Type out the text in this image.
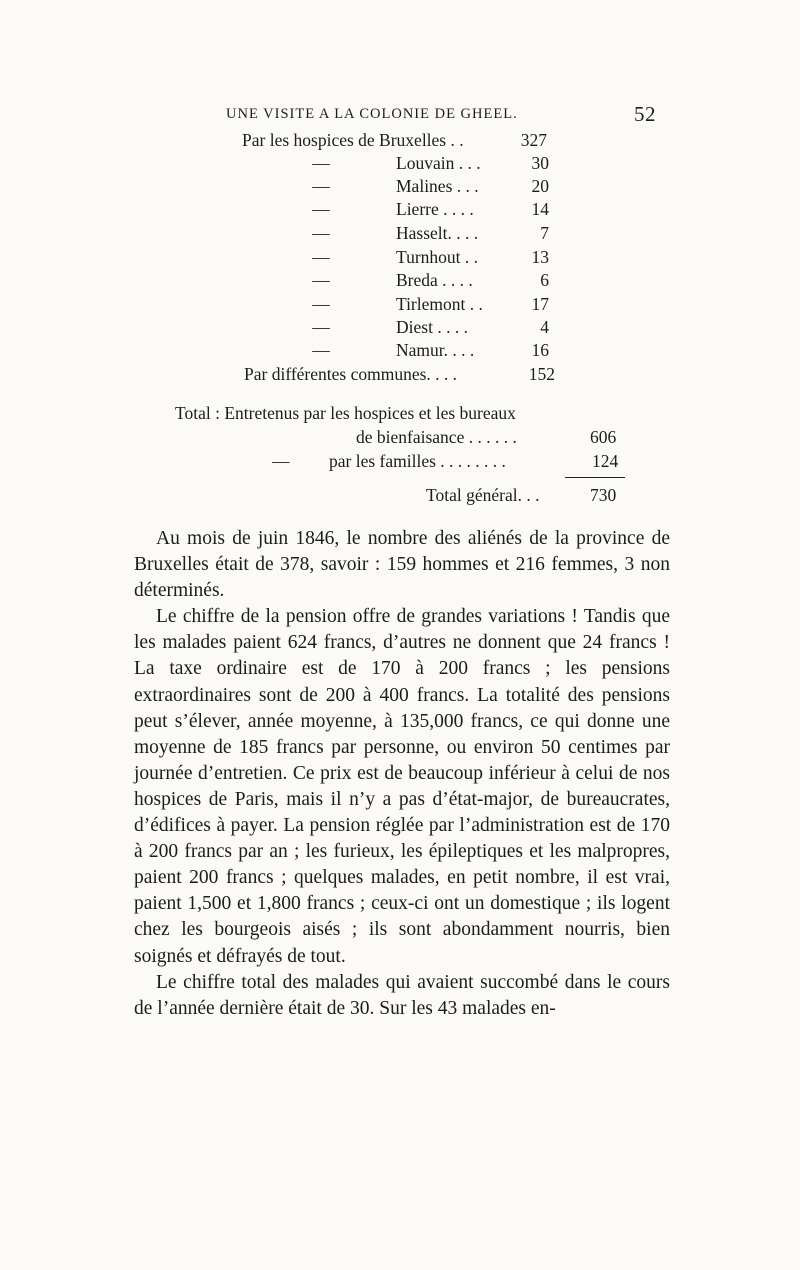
UNE VISITE A LA COLONIE DE GHEEL.	52
Par les hospices de Bruxelles . .	327
—	Louvain . . .	30
—	Malines . . .	20
—	Lierre . . . .	14
—	Hasselt. . . .	7
—	Turnhout . .	13
—	Breda . . . .	6
—	Tirlemont . .	17
—	Diest . . . .	4
—	Namur. . . .	16
Par différentes communes. . . .	152
Total : Entretenus par les hospices et les bureaux
de bienfaisance . . . . . .	606
— par les familles . . . . . . . .	124
Total général. . .	730

Au mois de juin 1846, le nombre des aliénés de la province de Bruxelles était de 378, savoir : 159 hommes et 216 femmes, 3 non déterminés.

Le chiffre de la pension offre de grandes variations ! Tandis que les malades paient 624 francs, d’autres ne donnent que 24 francs ! La taxe ordinaire est de 170 à 200 francs ; les pensions extraordinaires sont de 200 à 400 francs. La totalité des pensions peut s’élever, année moyenne, à 135,000 francs, ce qui donne une moyenne de 185 francs par personne, ou environ 50 centimes par journée d’entretien. Ce prix est de beaucoup inférieur à celui de nos hospices de Paris, mais il n’y a pas d’état-major, de bureaucrates, d’édifices à payer. La pension réglée par l’administration est de 170 à 200 francs par an ; les furieux, les épileptiques et les malpropres, paient 200 francs ; quelques malades, en petit nombre, il est vrai, paient 1,500 et 1,800 francs ; ceux-ci ont un domestique ; ils logent chez les bourgeois aisés ; ils sont abondamment nourris, bien soignés et défrayés de tout.

Le chiffre total des malades qui avaient succombé dans le cours de l’année dernière était de 30. Sur les 43 malades en-
